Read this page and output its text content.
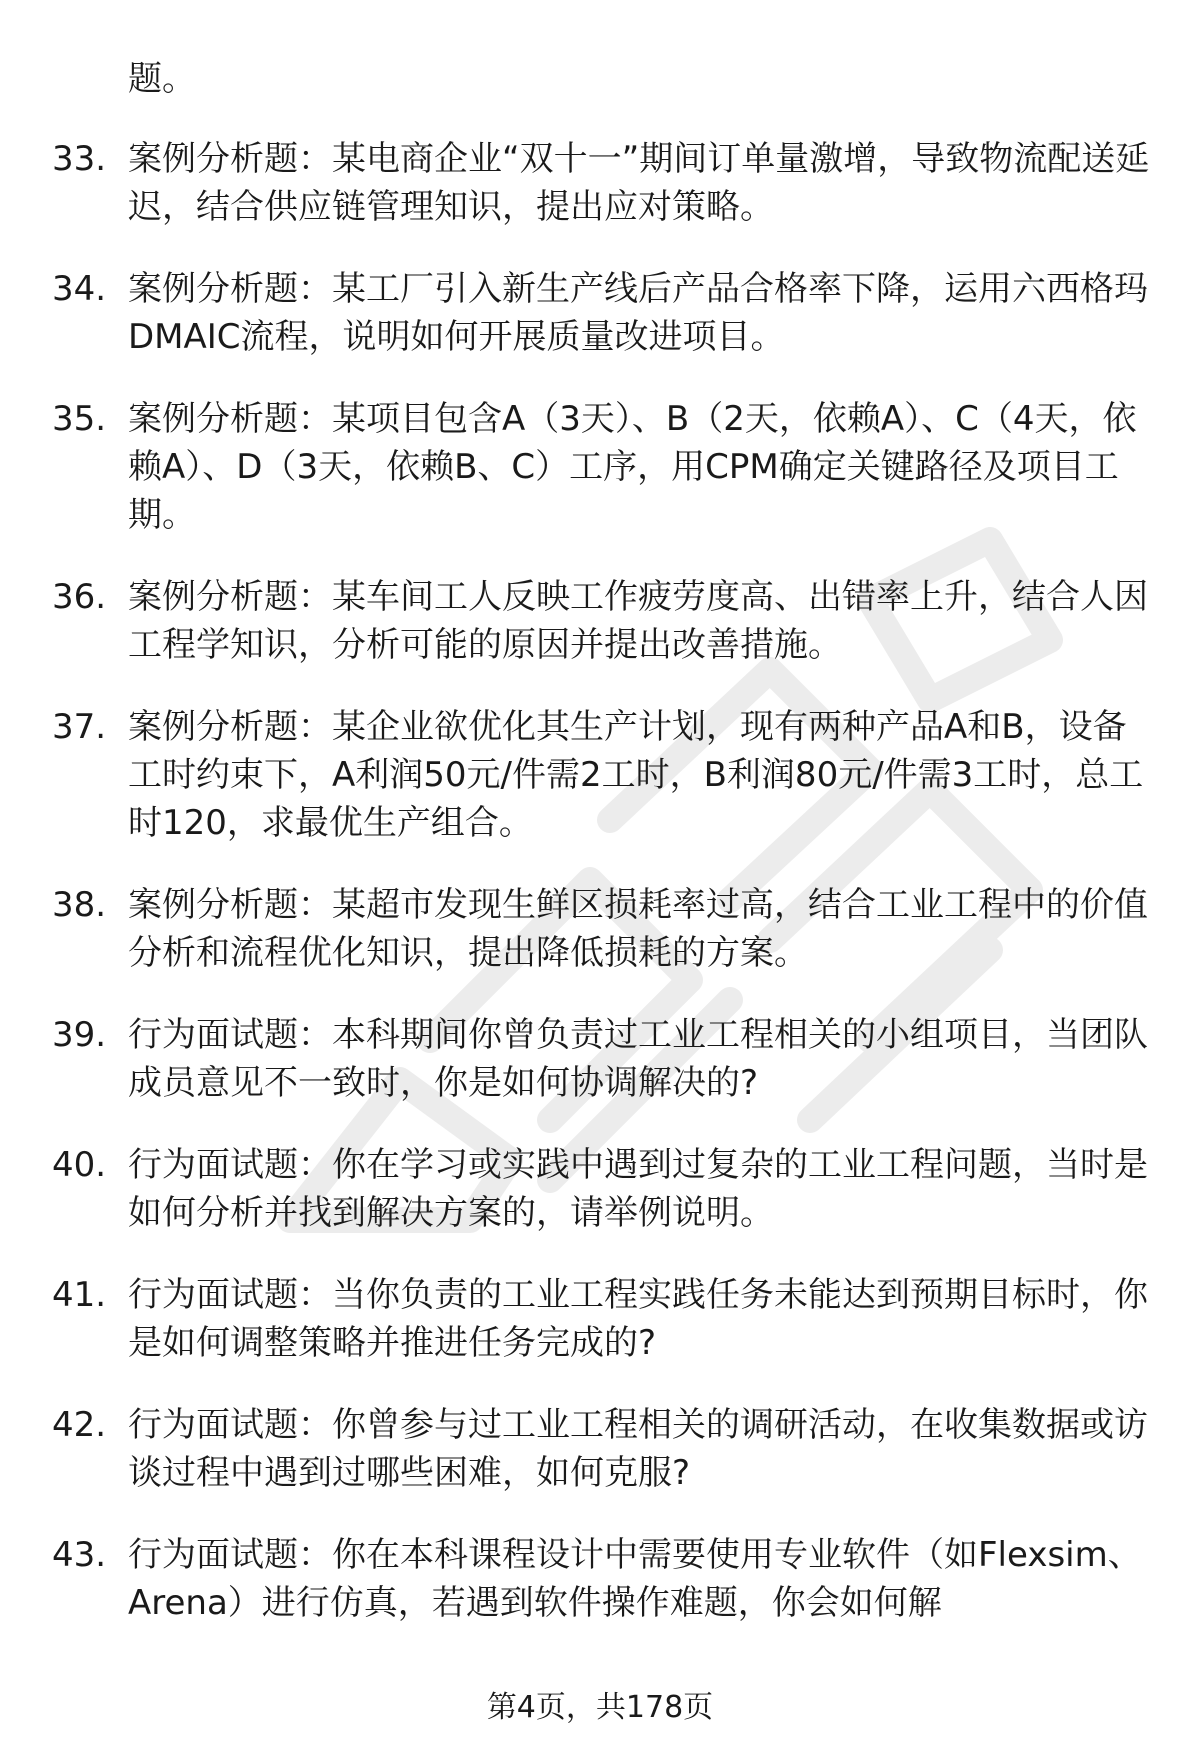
题。

33. 案例分析题：某电商企业“双十一”期间订单量激增，导致物流配送延迟，结合供应链管理知识，提出应对策略。
34. 案例分析题：某工厂引入新生产线后产品合格率下降，运用六西格玛DMAIC流程，说明如何开展质量改进项目。
35. 案例分析题：某项目包含A（3天）、B（2天，依赖A）、C（4天，依赖A）、D（3天，依赖B、C）工序，用CPM确定关键路径及项目工期。
36. 案例分析题：某车间工人反映工作疲劳度高、出错率上升，结合人因工程学知识，分析可能的原因并提出改善措施。
37. 案例分析题：某企业欲优化其生产计划，现有两种产品A和B，设备工时约束下，A利润50元/件需2工时，B利润80元/件需3工时，总工时120，求最优生产组合。
38. 案例分析题：某超市发现生鲜区损耗率过高，结合工业工程中的价值分析和流程优化知识，提出降低损耗的方案。
39. 行为面试题：本科期间你曾负责过工业工程相关的小组项目，当团队成员意见不一致时，你是如何协调解决的?
40. 行为面试题：你在学习或实践中遇到过复杂的工业工程问题，当时是如何分析并找到解决方案的，请举例说明。
41. 行为面试题：当你负责的工业工程实践任务未能达到预期目标时，你是如何调整策略并推进任务完成的?
42. 行为面试题：你曾参与过工业工程相关的调研活动，在收集数据或访谈过程中遇到过哪些困难，如何克服?
43. 行为面试题：你在本科课程设计中需要使用专业软件（如Flexsim、Arena）进行仿真，若遇到软件操作难题，你会如何解
第4页，共178页
